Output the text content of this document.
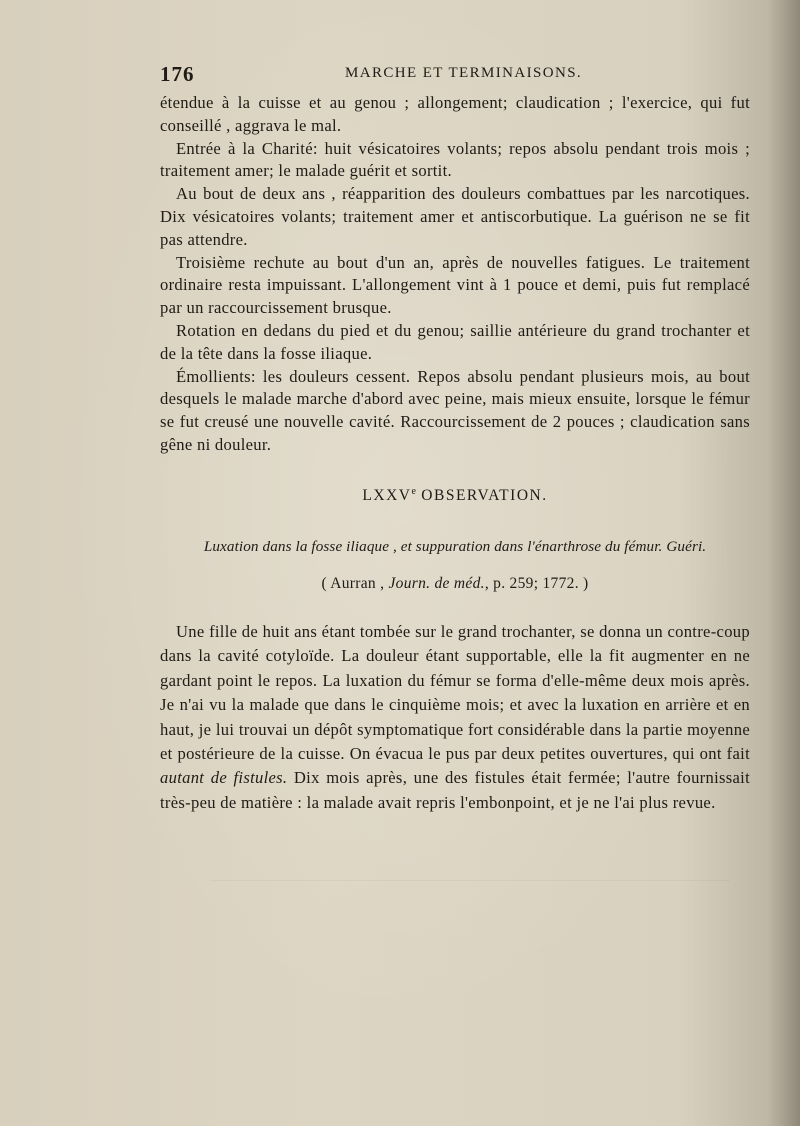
176	MARCHE ET TERMINAISONS.

étendue à la cuisse et au genou ; allongement; claudication ; l'exercice, qui fut conseillé , aggrava le mal.

Entrée à la Charité: huit vésicatoires volants; repos absolu pendant trois mois ; traitement amer; le malade guérit et sortit.

Au bout de deux ans , réapparition des douleurs combattues par les narcotiques. Dix vésicatoires volants; traitement amer et antiscorbutique. La guérison ne se fit pas attendre.

Troisième rechute au bout d'un an, après de nouvelles fatigues. Le traitement ordinaire resta impuissant. L'allongement vint à 1 pouce et demi, puis fut remplacé par un raccourcissement brusque.

Rotation en dedans du pied et du genou; saillie antérieure du grand trochanter et de la tête dans la fosse iliaque.

Émollients: les douleurs cessent. Repos absolu pendant plusieurs mois, au bout desquels le malade marche d'abord avec peine, mais mieux ensuite, lorsque le fémur se fut creusé une nouvelle cavité. Raccourcissement de 2 pouces ; claudication sans gêne ni douleur.

LXXVe OBSERVATION.
Luxation dans la fosse iliaque , et suppuration dans l'énarthrose du fémur. Guéri.
( Aurran , Journ. de méd., p. 259; 1772. )

Une fille de huit ans étant tombée sur le grand trochanter, se donna un contre-coup dans la cavité cotyloïde. La douleur étant supportable, elle la fit augmenter en ne gardant point le repos. La luxation du fémur se forma d'elle-même deux mois après. Je n'ai vu la malade que dans le cinquième mois; et avec la luxation en arrière et en haut, je lui trouvai un dépôt symptomatique fort considérable dans la partie moyenne et postérieure de la cuisse. On évacua le pus par deux petites ouvertures, qui ont fait autant de fistules. Dix mois après, une des fistules était fermée; l'autre fournissait très-peu de matière : la malade avait repris l'embonpoint, et je ne l'ai plus revue.
